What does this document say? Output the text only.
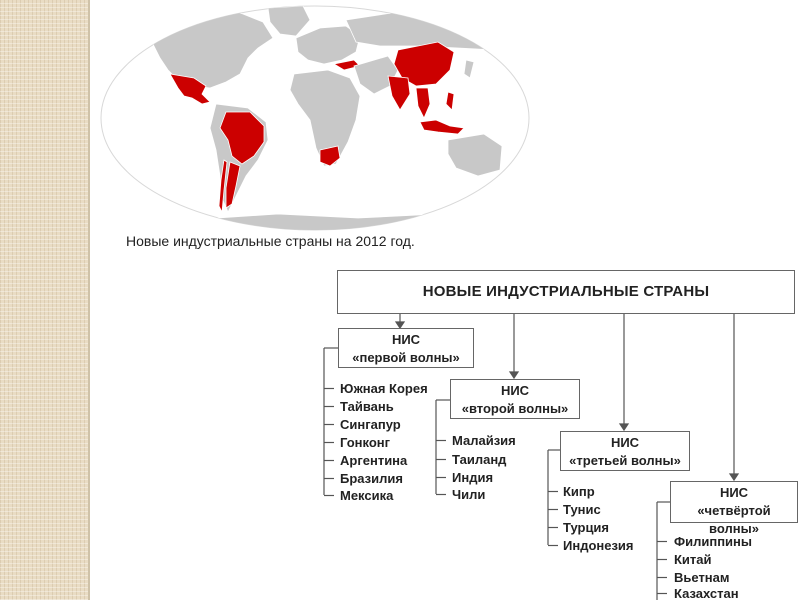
Новые индустриальные страны на 2012 год.
НОВЫЕ ИНДУСТРИАЛЬНЫЕ СТРАНЫ
НИС
«первой волны»
НИС
«второй волны»
НИС
«третьей волны»
НИС
«четвёртой волны»
Южная Корея
Тайвань
Сингапур
Гонконг
Аргентина
Бразилия
Мексика
Малайзия
Таиланд
Индия
Чили	Кипр
Тунис
Турция
Индонезия	Филиппины
Китай
Вьетнам
Казахстан
